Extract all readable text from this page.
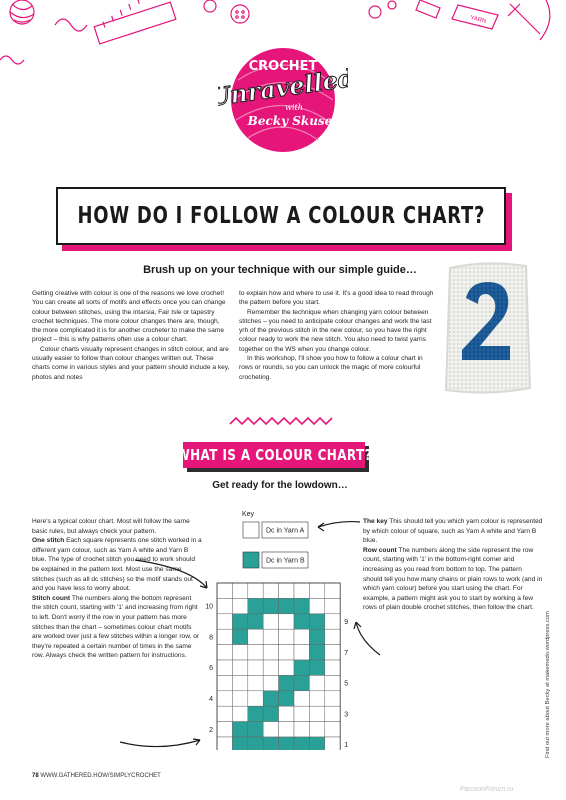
YARN
CROCHET
Unravelled
with
Becky Skuse
HOW DO I FOLLOW A COLOUR CHART?
Brush up on your technique with our simple guide…

Getting creative with colour is one of the reasons we love crochet! You can create all sorts of motifs and effects once you can change colour between stitches, using the intarsia, Fair Isle or tapestry crochet techniques. The more colour changes there are, though, the more complicated it is for another crocheter to make the same project – this is why patterns often use a colour chart.

Colour charts visually represent changes in stitch colour, and are usually easier to follow than colour changes written out. These charts come in various styles and your pattern should include a key, photos and notes

to explain how and where to use it. It's a good idea to read through the pattern before you start.

Remember the technique when changing yarn colour between stitches – you need to anticipate colour changes and work the last yrh of the previous stitch in the new colour, so you have the right colour ready to work the new stitch. You also need to twist yarns together on the WS when you change colour.

In this workshop, I'll show you how to follow a colour chart in rows or rounds, so you can unlock the magic of more colourful crocheting.

WHAT IS A COLOUR CHART?
Get ready for the lowdown…
Here's a typical colour chart. Most will follow the same basic rules, but always check your pattern.
One stitch Each square represents one stitch worked in a different yarn colour, such as Yarn A white and Yarn B blue. The type of crochet stitch you need to work should be explained in the pattern text. Most use the same stitches (such as all dc stitches) so the motif stands out and you have less to worry about.
Stitch count The numbers along the bottom represent the stitch count, starting with '1' and increasing from right to left. Don't worry if the row in your pattern has more stitches than the chart – sometimes colour chart motifs are worked over just a few stitches within a longer row, or they're repeated a certain number of times in the same row. Always check the written pattern for instructions.
The key This should tell you which yarn colour is represented by which colour of square, such as Yarn A white and Yarn B blue.
Row count The numbers along the side represent the row count, starting with '1' in the bottom-right corner and increasing as you read from bottom to top. The pattern should tell you how many chains or plain rows to work (and in which yarn colour) before you start using the chart. For example, a pattern might ask you to start by working a few rows of plain double crochet stitches, then follow the chart.
Key
Dc in Yarn A
Dc in Yarn B
2
4
6
8
10
1
3
5
7
9	Find out more about Becky at makemedo.wordpress.com
78 WWW.GATHERED.HOW/SIMPLYCROCHET
PassionForum.ru
